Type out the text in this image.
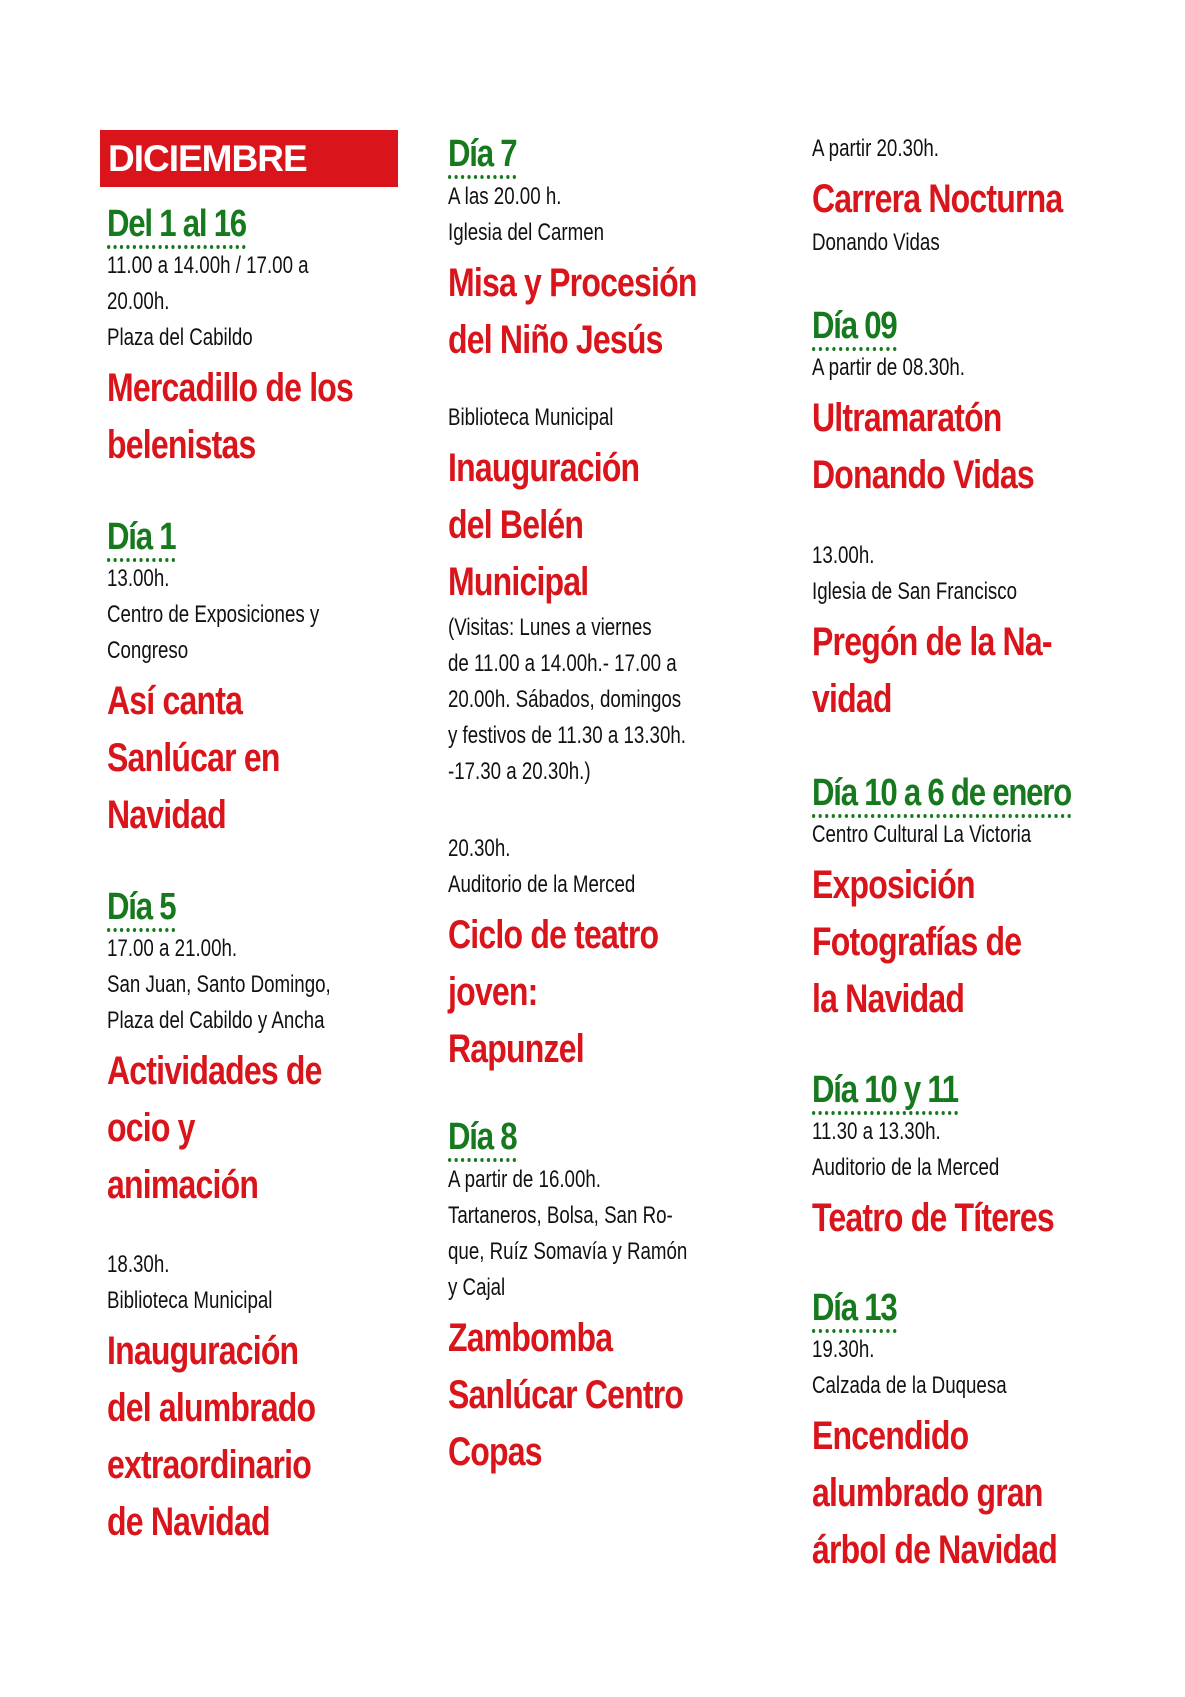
DICIEMBRE
Del 1 al 16
11.00 a 14.00h / 17.00 a
20.00h.
Plaza del Cabildo
Mercadillo de los
belenistas
Día 1
13.00h.
Centro de Exposiciones y
Congreso
Así canta
Sanlúcar en
Navidad
Día 5
17.00 a 21.00h.
San Juan, Santo Domingo,
Plaza del Cabildo y Ancha
Actividades de
ocio y
animación
18.30h.
Biblioteca Municipal
Inauguración
del alumbrado
extraordinario
de Navidad
Día 7
A las 20.00 h.
Iglesia del Carmen
Misa y Procesión
del Niño Jesús
Biblioteca Municipal
Inauguración
del Belén
Municipal
(Visitas: Lunes a viernes
de 11.00 a 14.00h.- 17.00 a
20.00h. Sábados, domingos
y festivos de 11.30 a 13.30h.
-17.30 a 20.30h.)
20.30h.
Auditorio de la Merced
Ciclo de teatro
joven:
Rapunzel
Día 8
A partir de 16.00h.
Tartaneros, Bolsa, San Ro-
que, Ruíz Somavía y Ramón
y Cajal
Zambomba
Sanlúcar Centro
Copas
A partir 20.30h.
Carrera Nocturna
Donando Vidas
Día 09
A partir de 08.30h.
Ultramaratón
Donando Vidas
13.00h.
Iglesia de San Francisco
Pregón de la Na-
vidad
Día 10 a 6 de enero
Centro Cultural La Victoria
Exposición
Fotografías de
la Navidad
Día 10 y 11
11.30 a 13.30h.
Auditorio de la Merced
Teatro de Títeres
Día 13
19.30h.
Calzada de la Duquesa
Encendido
alumbrado gran
árbol de Navidad
